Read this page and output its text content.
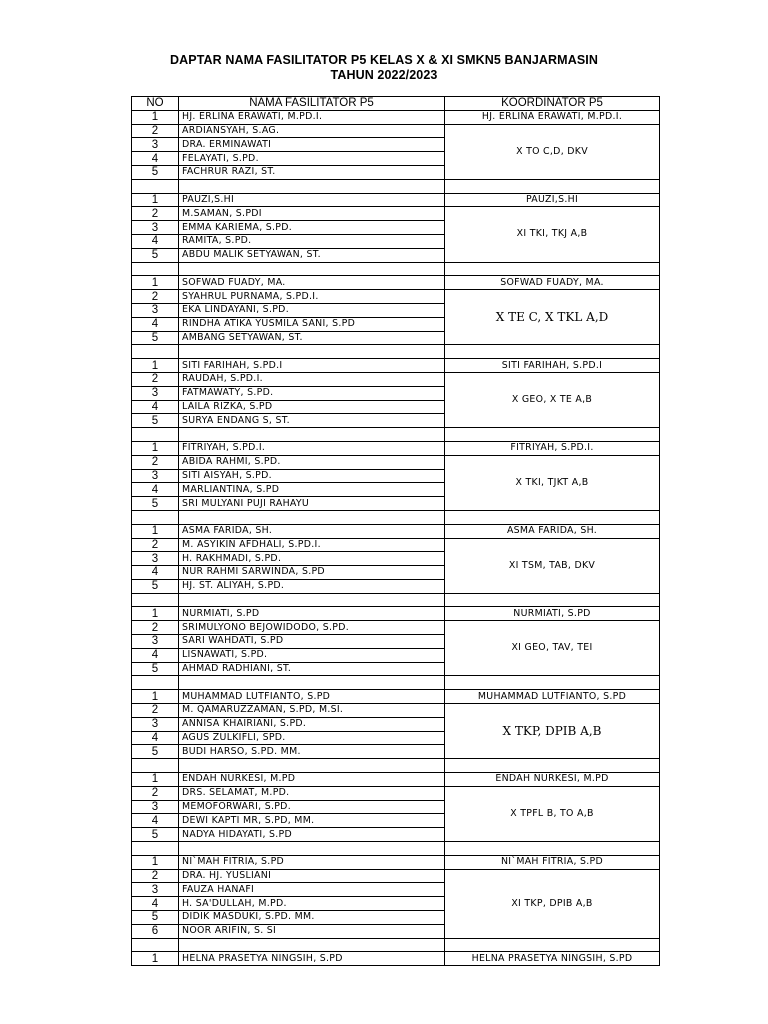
DAPTAR NAMA FASILITATOR P5 KELAS X & XI SMKN5 BANJARMASIN
TAHUN 2022/2023
NO	NAMA FASILITATOR P5	KOORDINATOR P5
1	HJ. ERLINA ERAWATI, M.PD.I.	HJ. ERLINA ERAWATI, M.PD.I.
2	ARDIANSYAH, S.AG.	X TO C,D, DKV
3	DRA. ERMINAWATI	
4	FELAYATI, S.PD.	
5	FACHRUR RAZI, ST.	

1	PAUZI,S.HI	PAUZI,S.HI
2	M.SAMAN, S.PDI	XI TKI, TKJ A,B
3	EMMA KARIEMA, S.PD.	
4	RAMITA, S.PD.	
5	ABDU MALIK SETYAWAN, ST.	

1	SOFWAD FUADY, MA.	SOFWAD FUADY, MA.
2	SYAHRUL PURNAMA, S.PD.I.	X TE C, X TKL A,D
3	EKA LINDAYANI, S.PD.	
4	RINDHA ATIKA YUSMILA SANI, S.PD	
5	AMBANG SETYAWAN, ST.	

1	SITI FARIHAH, S.PD.I	SITI FARIHAH, S.PD.I
2	RAUDAH, S.PD.I.	X GEO, X TE A,B
3	FATMAWATY, S.PD.	
4	LAILA RIZKA, S.PD	
5	SURYA ENDANG S, ST.	

1	FITRIYAH, S.PD.I.	FITRIYAH, S.PD.I.
2	ABIDA RAHMI, S.PD.	X TKI, TJKT A,B
3	SITI AISYAH, S.PD.	
4	MARLIANTINA, S.PD	
5	SRI MULYANI PUJI RAHAYU	

1	ASMA FARIDA, SH.	ASMA FARIDA, SH.
2	M. ASYIKIN AFDHALI, S.PD.I.	XI TSM, TAB, DKV
3	H. RAKHMADI, S.PD.	
4	NUR RAHMI SARWINDA, S.PD	
5	HJ. ST. ALIYAH, S.PD.	

1	NURMIATI, S.PD	NURMIATI, S.PD
2	SRIMULYONO BEJOWIDODO, S.PD.	XI GEO, TAV, TEI
3	SARI WAHDATI, S.PD	
4	LISNAWATI, S.PD.	
5	AHMAD RADHIANI, ST.	

1	MUHAMMAD LUTFIANTO, S.PD	MUHAMMAD LUTFIANTO, S.PD
2	M. QAMARUZZAMAN, S.PD, M.SI.	X TKP, DPIB A,B
3	ANNISA KHAIRIANI, S.PD.	
4	AGUS ZULKIFLI, SPD.	
5	BUDI HARSO, S.PD. MM.	

1	ENDAH NURKESI, M.PD	ENDAH NURKESI, M.PD
2	DRS. SELAMAT, M.PD.	X TPFL B, TO A,B
3	MEMOFORWARI, S.PD.	
4	DEWI KAPTI MR, S.PD, MM.	
5	NADYA HIDAYATI, S.PD	

1	NI`MAH FITRIA, S.PD	NI`MAH FITRIA, S.PD
2	DRA. HJ. YUSLIANI	XI TKP, DPIB A,B
3	FAUZA HANAFI	
4	H. SA'DULLAH, M.PD.	
5	DIDIK MASDUKI, S.PD. MM.	
6	NOOR ARIFIN, S. SI	

1	HELNA PRASETYA NINGSIH, S.PD	HELNA PRASETYA NINGSIH, S.PD
